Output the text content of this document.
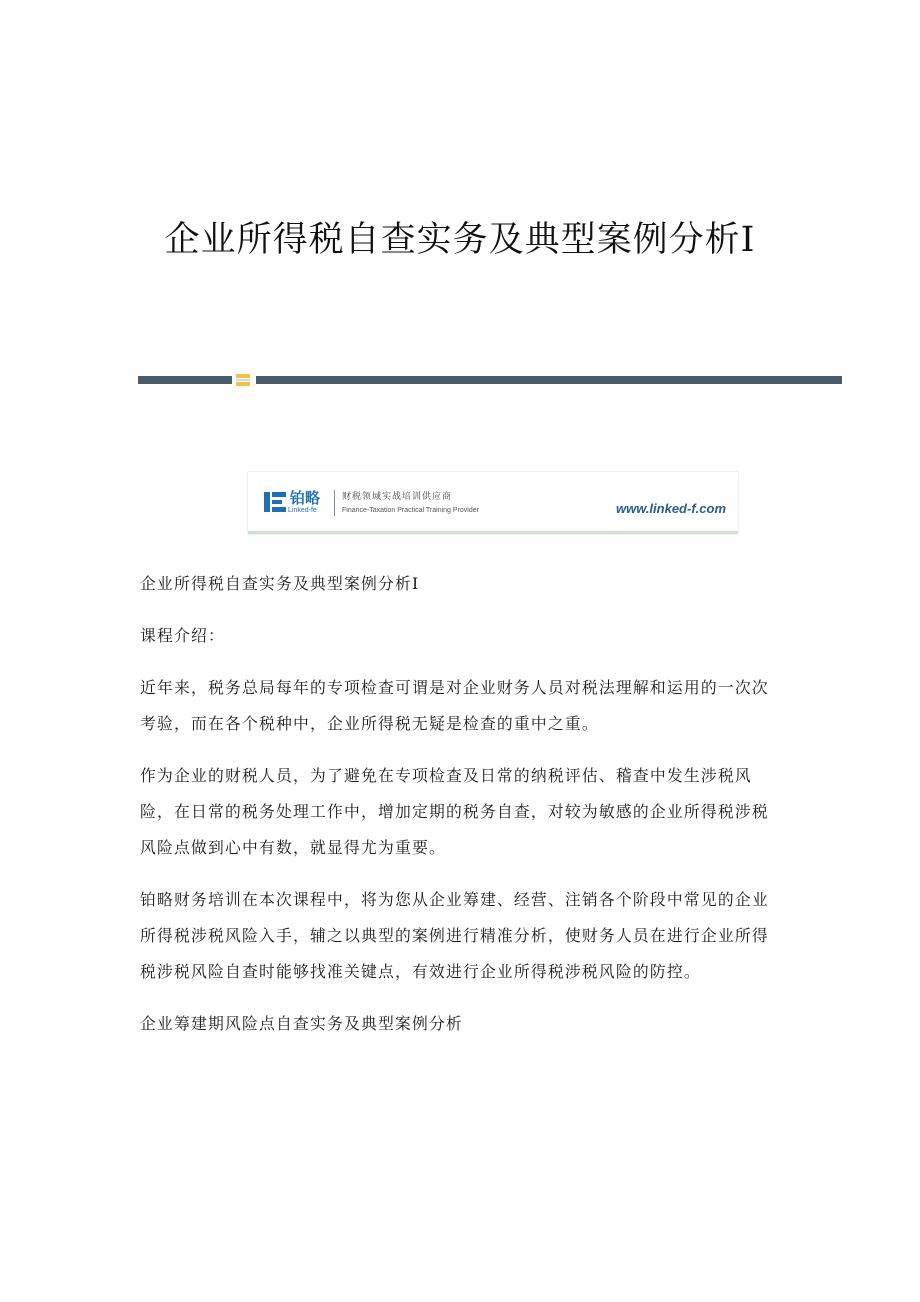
企业所得税自查实务及典型案例分析Ⅰ
铂略
Linked-fe
财税领域实战培训供应商
Finance-Taxation Practical Training Provider	www.linked-f.com

企业所得税自查实务及典型案例分析Ⅰ

课程介绍：

近年来，税务总局每年的专项检查可谓是对企业财务人员对税法理解和运用的一次次考验，而在各个税种中，企业所得税无疑是检查的重中之重。

作为企业的财税人员，为了避免在专项检查及日常的纳税评估、稽查中发生涉税风险，在日常的税务处理工作中，增加定期的税务自查，对较为敏感的企业所得税涉税风险点做到心中有数，就显得尤为重要。

铂略财务培训在本次课程中，将为您从企业筹建、经营、注销各个阶段中常见的企业所得税涉税风险入手，辅之以典型的案例进行精准分析，使财务人员在进行企业所得税涉税风险自查时能够找准关键点，有效进行企业所得税涉税风险的防控。

企业筹建期风险点自查实务及典型案例分析
